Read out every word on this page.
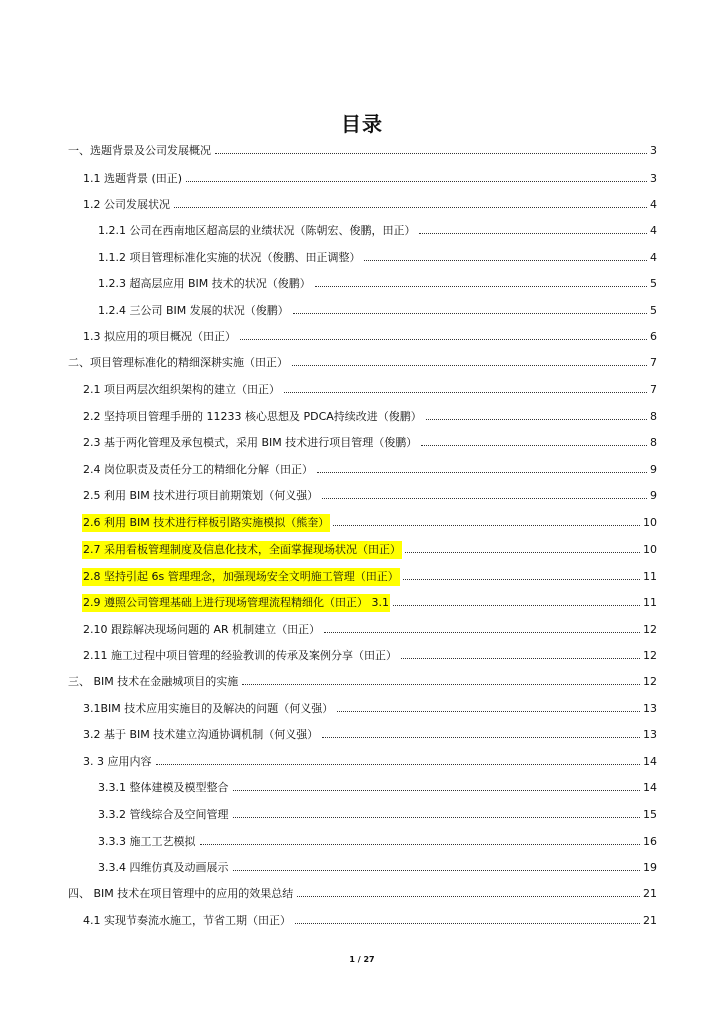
目录
一、选题背景及公司发展概况	3
1.1 选题背景 (田正)	3
1.2 公司发展状况	4
1.2.1 公司在西南地区超高层的业绩状况（陈朝宏、俊鹏，田正）	4
1.1.2 项目管理标准化实施的状况（俊鹏、田正调整）	4
1.2.3 超高层应用 BIM 技术的状况（俊鹏）	5
1.2.4 三公司 BIM 发展的状况（俊鹏）	5
1.3 拟应用的项目概况（田正）	6
二、项目管理标准化的精细深耕实施（田正）	7
2.1 项目两层次组织架构的建立（田正）	7
2.2 坚持项目管理手册的 11233 核心思想及 PDCA持续改进（俊鹏）	8
2.3 基于两化管理及承包模式，采用 BIM 技术进行项目管理（俊鹏）	8
2.4 岗位职责及责任分工的精细化分解（田正）	9
2.5 利用 BIM 技术进行项目前期策划（何义强）	9
2.6 利用 BIM 技术进行样板引路实施模拟（熊奎）	10
2.7 采用看板管理制度及信息化技术，全面掌握现场状况（田正）	10
2.8 坚持引起 6s 管理理念，加强现场安全文明施工管理（田正）	11
2.9 遵照公司管理基础上进行现场管理流程精细化（田正） 3.1	11
2.10 跟踪解决现场问题的 AR 机制建立（田正）	12
2.11 施工过程中项目管理的经验教训的传承及案例分享（田正）	12
三、 BIM 技术在金融城项目的实施	12
3.1BIM 技术应用实施目的及解决的问题（何义强）	13
3.2 基于 BIM 技术建立沟通协调机制（何义强）	13
3. 3 应用内容	14
3.3.1 整体建模及模型整合	14
3.3.2 管线综合及空间管理	15
3.3.3 施工工艺模拟	16
3.3.4 四维仿真及动画展示	19
四、 BIM 技术在项目管理中的应用的效果总结	21
4.1 实现节奏流水施工，节省工期（田正）	21
1 / 27
